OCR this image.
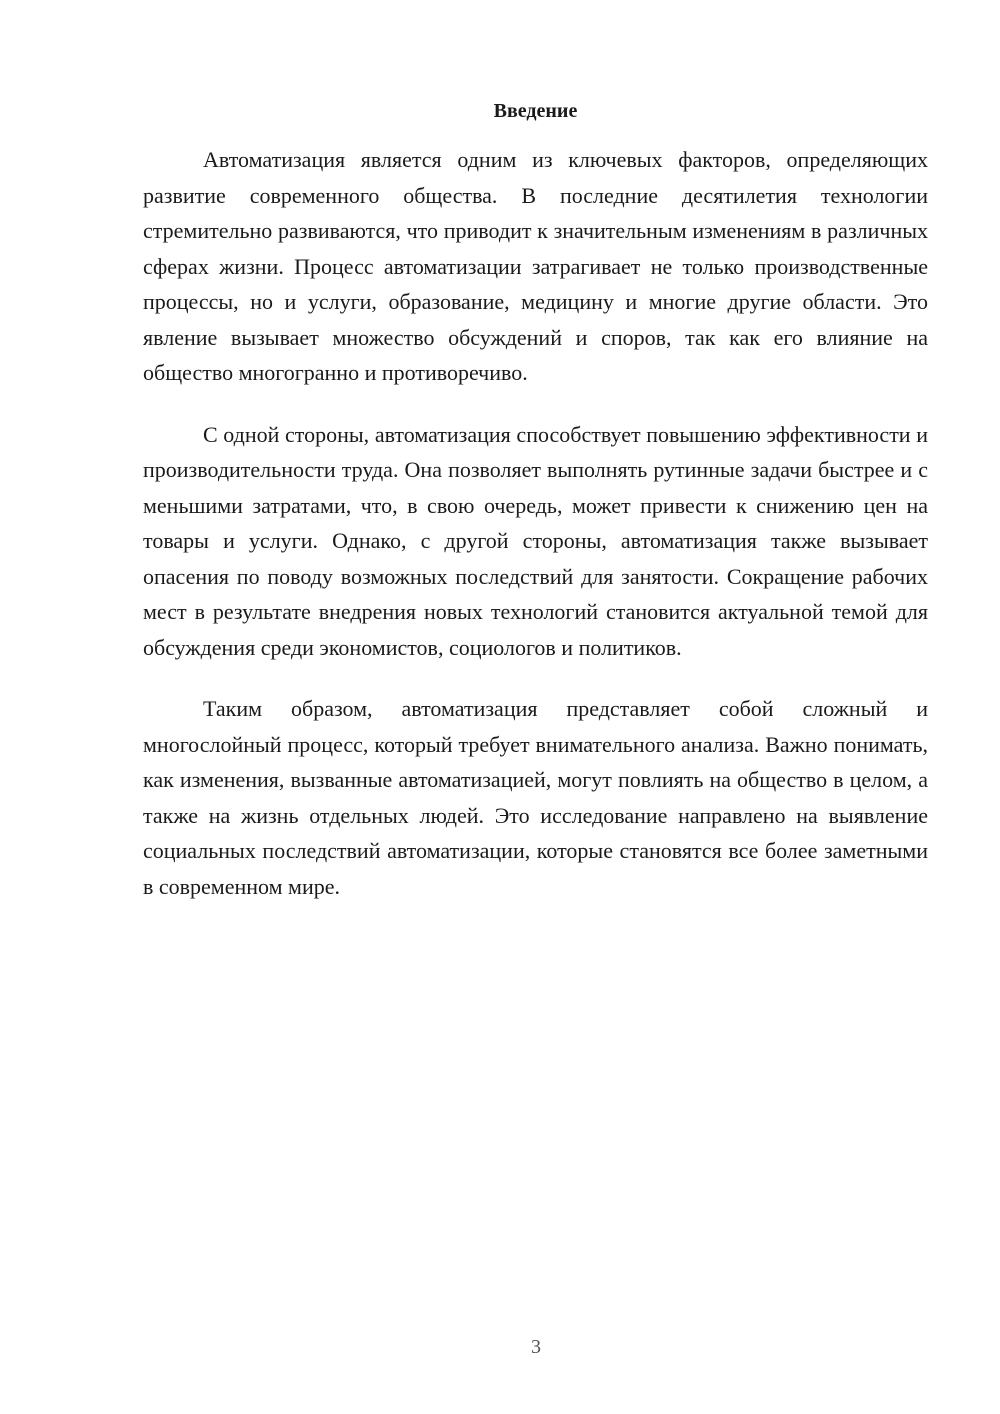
Введение

Автоматизация является одним из ключевых факторов, определяющих развитие современного общества. В последние десятилетия технологии стремительно развиваются, что приводит к значительным изменениям в различных сферах жизни. Процесс автоматизации затрагивает не только производственные процессы, но и услуги, образование, медицину и многие другие области. Это явление вызывает множество обсуждений и споров, так как его влияние на общество многогранно и противоречиво.

С одной стороны, автоматизация способствует повышению эффективности и производительности труда. Она позволяет выполнять рутинные задачи быстрее и с меньшими затратами, что, в свою очередь, может привести к снижению цен на товары и услуги. Однако, с другой стороны, автоматизация также вызывает опасения по поводу возможных последствий для занятости. Сокращение рабочих мест в результате внедрения новых технологий становится актуальной темой для обсуждения среди экономистов, социологов и политиков.

Таким образом, автоматизация представляет собой сложный и многослойный процесс, который требует внимательного анализа. Важно понимать, как изменения, вызванные автоматизацией, могут повлиять на общество в целом, а также на жизнь отдельных людей. Это исследование направлено на выявление социальных последствий автоматизации, которые становятся все более заметными в современном мире.

3
